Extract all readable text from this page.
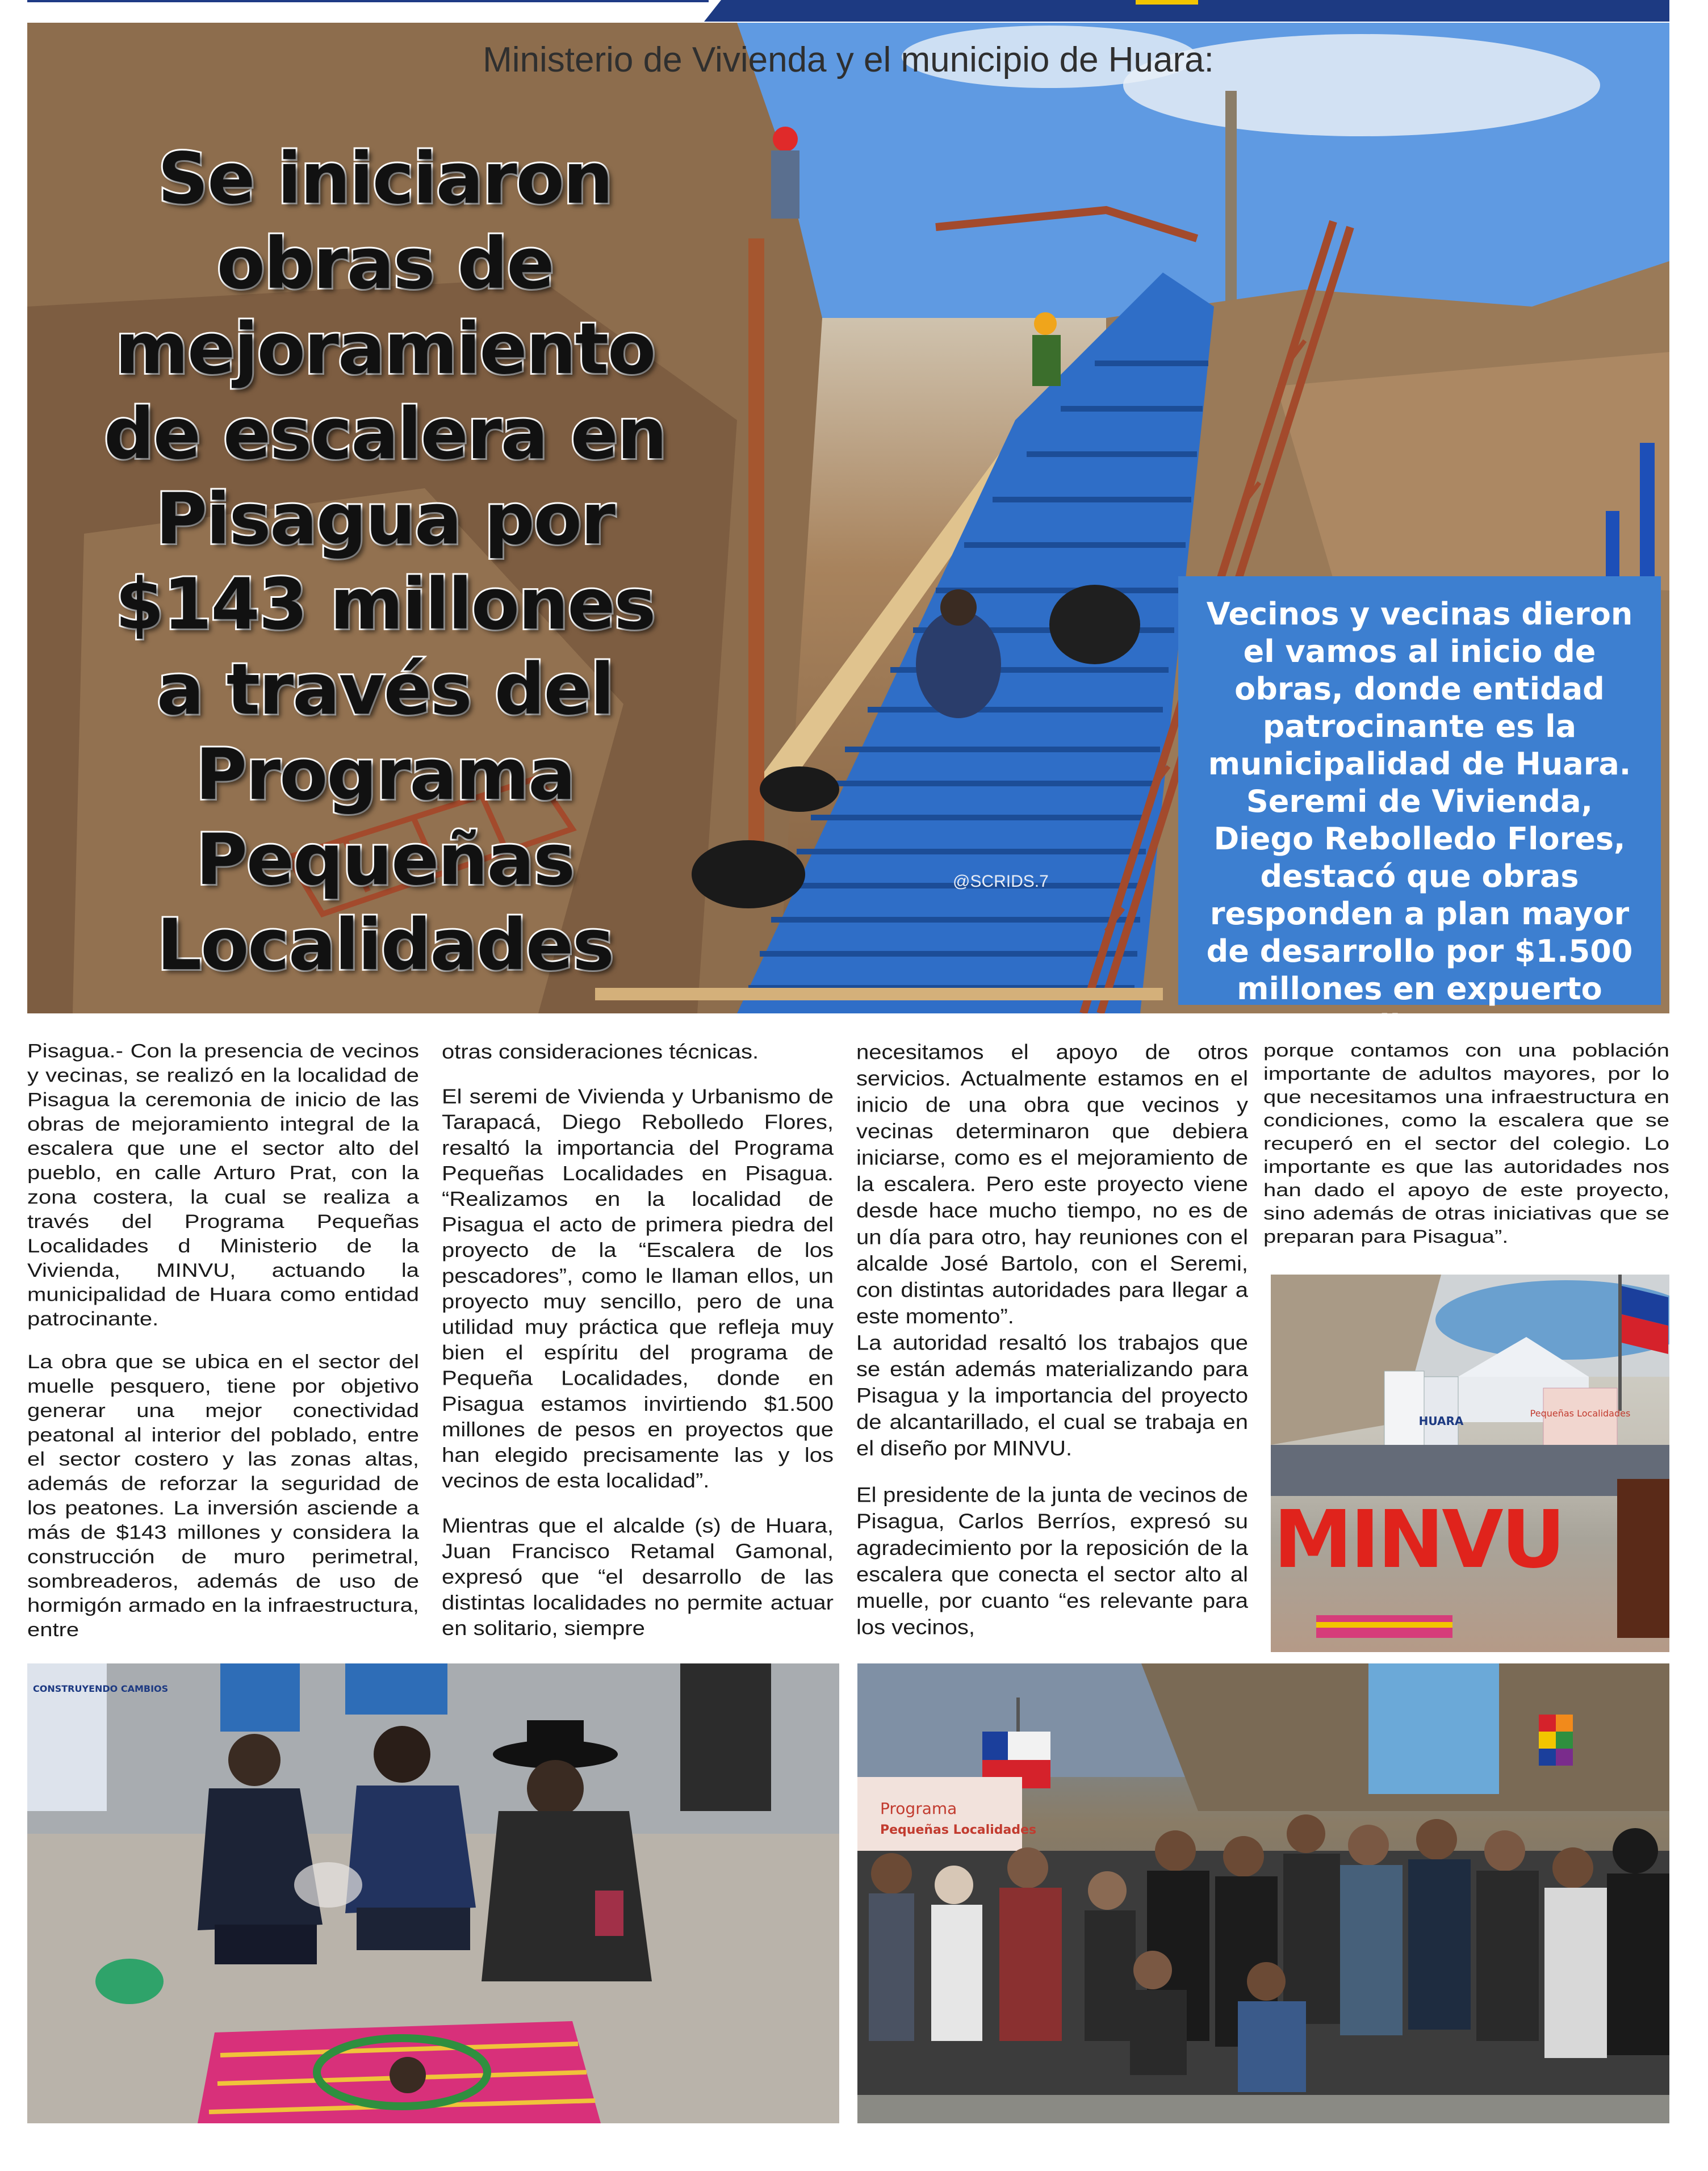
@SCRIDS.7
Ministerio de Vivienda y el municipio de Huara:
Se iniciaron
obras de
mejoramiento
de escalera en
Pisagua por
$143 millones
a través del
Programa
Pequeñas
Localidades
Vecinos y vecinas dieron el vamos al inicio de obras, donde entidad patrocinante es la municipalidad de Huara. Seremi de Vivienda, Diego Rebolledo Flores, destacó que obras responden a plan mayor de desarrollo por $1.500 millones en expuerto salitrero.

Pisagua.- Con la presencia de vecinos y vecinas, se realizó en la localidad de Pisagua la ceremonia de inicio de las obras de mejoramiento integral de la escalera que une el sector alto del pueblo, en calle Arturo Prat, con la zona costera, la cual se realiza a través del Programa Pequeñas Localidades d Ministerio de la Vivienda, MINVU, actuando la municipalidad de Huara como entidad patrocinante.

La obra que se ubica en el sector del muelle pesquero, tiene por objetivo generar una mejor conectividad peatonal al interior del poblado, entre el sector costero y las zonas altas, además de reforzar la seguridad de los peatones. La inversión asciende a más de $143 millones y considera la construcción de muro perimetral, sombreaderos, además de uso de hormigón armado en la infraestructura, entre

otras consideraciones técnicas.

El seremi de Vivienda y Urbanismo de Tarapacá, Diego Rebolledo Flores, resaltó la importancia del Programa Pequeñas Localidades en Pisagua. “Realizamos en la localidad de Pisagua el acto de primera piedra del proyecto de la “Escalera de los pescadores”, como le llaman ellos, un proyecto muy sencillo, pero de una utilidad muy práctica que refleja muy bien el espíritu del programa de Pequeña Localidades, donde en Pisagua estamos invirtiendo $1.500 millones de pesos en proyectos que han elegido precisamente las y los vecinos de esta localidad”.

Mientras que el alcalde (s) de Huara, Juan Francisco Retamal Gamonal, expresó que “el desarrollo de las distintas localidades no permite actuar en solitario, siempre

necesitamos el apoyo de otros servicios. Actualmente estamos en el inicio de una obra que vecinos y vecinas determinaron que debiera iniciarse, como es el mejoramiento de la escalera. Pero este proyecto viene desde hace mucho tiempo, no es de un día para otro, hay reuniones con el alcalde José Bartolo, con el Seremi, con distintas autoridades para llegar a este momento”.
La autoridad resaltó los trabajos que se están además materializando para Pisagua y la importancia del proyecto de alcantarillado, el cual se trabaja en el diseño por MINVU.

El presidente de la junta de vecinos de Pisagua, Carlos Berríos, expresó su agradecimiento por la reposición de la escalera que conecta el sector alto al muelle, por cuanto “es relevante para los vecinos,

porque contamos con una población importante de adultos mayores, por lo que necesitamos una infraestructura en condiciones, como la escalera que se recuperó en el sector del colegio. Lo importante es que las autoridades nos han dado el apoyo de este proyecto, sino además de otras iniciativas que se preparan para Pisagua”.

HUARA
Pequeñas Localidades
MINVU
CONSTRUYENDO CAMBIOS
Programa
Pequeñas Localidades
